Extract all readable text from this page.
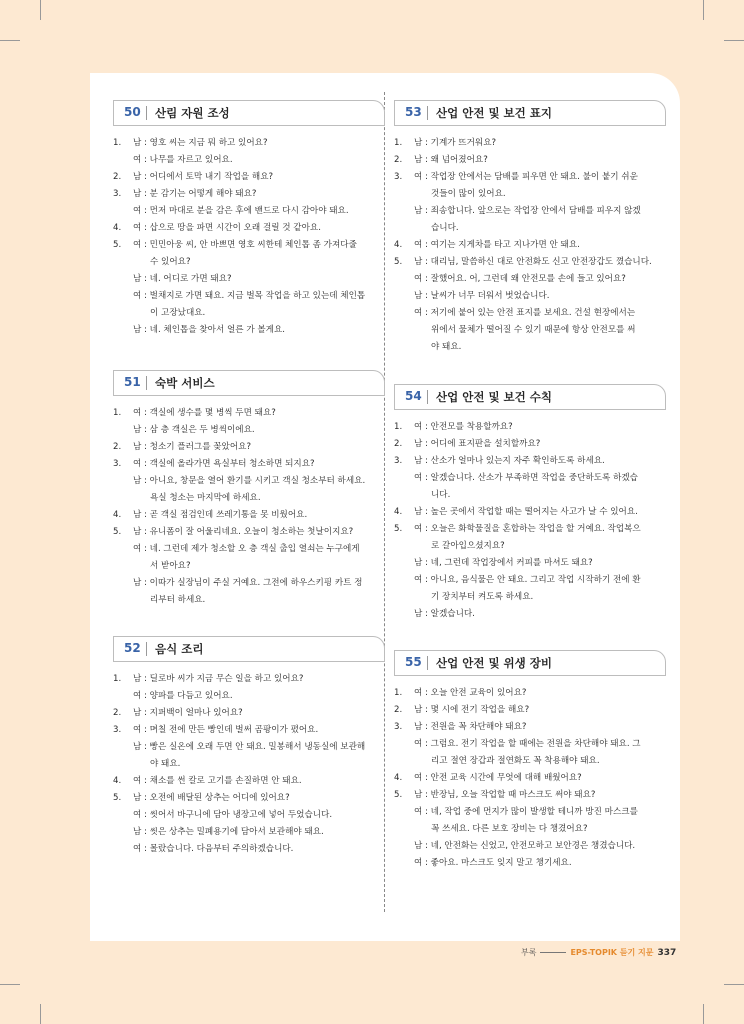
50 산림 자원 조성
1. 남 : 영호 씨는 지금 뭐 하고 있어요?
여 : 나무를 자르고 있어요.
2. 남 : 어디에서 토막 내기 작업을 해요?
3. 남 : 분 감기는 어떻게 해야 돼요?
여 : 먼저 마대로 분을 감은 후에 밴드로 다시 감아야 돼요.
4. 여 : 삽으로 땅을 파면 시간이 오래 걸릴 것 같아요.
5. 여 : 민민아웅 씨, 안 바쁘면 영호 씨한테 체인톱 좀 가져다줄
수 있어요?
남 : 네. 어디로 가면 돼요?
여 : 벌채지로 가면 돼요. 지금 벌목 작업을 하고 있는데 체인톱
이 고장났대요.
남 : 네. 체인톱을 찾아서 얼른 가 볼게요.
51 숙박 서비스
1. 여 : 객실에 생수를 몇 병씩 두면 돼요?
남 : 삼 층 객실은 두 병씩이에요.
2. 남 : 청소기 플러그를 꽂았어요?
3. 여 : 객실에 올라가면 욕실부터 청소하면 되지요?
남 : 아니요, 창문을 열어 환기를 시키고 객실 청소부터 하세요.
욕실 청소는 마지막에 하세요.
4. 남 : 곧 객실 점검인데 쓰레기통을 못 비웠어요.
5. 남 : 유니폼이 잘 어울리네요. 오늘이 청소하는 첫날이지요?
여 : 네. 그런데 제가 청소할 오 층 객실 출입 열쇠는 누구에게
서 받아요?
남 : 이따가 실장님이 주실 거예요. 그전에 하우스키핑 카트 정
리부터 하세요.
52 음식 조리
1. 남 : 딜로바 씨가 지금 무슨 일을 하고 있어요?
여 : 양파를 다듬고 있어요.
2. 남 : 지퍼백이 얼마나 있어요?
3. 여 : 며칠 전에 만든 빵인데 벌써 곰팡이가 폈어요.
남 : 빵은 실온에 오래 두면 안 돼요. 밀봉해서 냉동실에 보관해
야 돼요.
4. 여 : 채소를 썬 칼로 고기를 손질하면 안 돼요.
5. 남 : 오전에 배달된 상추는 어디에 있어요?
여 : 씻어서 바구니에 담아 냉장고에 넣어 두었습니다.
남 : 씻은 상추는 밀폐용기에 담아서 보관해야 돼요.
여 : 몰랐습니다. 다음부터 주의하겠습니다.
53 산업 안전 및 보건 표지
1. 남 : 기계가 뜨거워요?
2. 남 : 왜 넘어졌어요?
3. 여 : 작업장 안에서는 담배를 피우면 안 돼요. 불이 붙기 쉬운
것들이 많이 있어요.
남 : 죄송합니다. 앞으로는 작업장 안에서 담배를 피우지 않겠
습니다.
4. 여 : 여기는 지게차를 타고 지나가면 안 돼요.
5. 남 : 대리님, 말씀하신 대로 안전화도 신고 안전장갑도 꼈습니다.
여 : 잘했어요. 어, 그런데 왜 안전모를 손에 들고 있어요?
남 : 날씨가 너무 더워서 벗었습니다.
여 : 저기에 붙어 있는 안전 표지를 보세요. 건설 현장에서는
위에서 물체가 떨어질 수 있기 때문에 항상 안전모를 써
야 돼요.
54 산업 안전 및 보건 수칙
1. 여 : 안전모를 착용할까요?
2. 남 : 어디에 표지판을 설치할까요?
3. 남 : 산소가 얼마나 있는지 자주 확인하도록 하세요.
여 : 알겠습니다. 산소가 부족하면 작업을 중단하도록 하겠습
니다.
4. 남 : 높은 곳에서 작업할 때는 떨어지는 사고가 날 수 있어요.
5. 여 : 오늘은 화학물질을 혼합하는 작업을 할 거예요. 작업복으
로 갈아입으셨지요?
남 : 네, 그런데 작업장에서 커피를 마셔도 돼요?
여 : 아니요, 음식물은 안 돼요. 그리고 작업 시작하기 전에 환
기 장치부터 켜도록 하세요.
남 : 알겠습니다.
55 산업 안전 및 위생 장비
1. 여 : 오늘 안전 교육이 있어요?
2. 남 : 몇 시에 전기 작업을 해요?
3. 남 : 전원을 꼭 차단해야 돼요?
여 : 그럼요. 전기 작업을 할 때에는 전원을 차단해야 돼요. 그
리고 절연 장갑과 절연화도 꼭 착용해야 돼요.
4. 여 : 안전 교육 시간에 무엇에 대해 배웠어요?
5. 남 : 반장님, 오늘 작업할 때 마스크도 써야 돼요?
여 : 네, 작업 중에 먼지가 많이 발생할 테니까 방진 마스크를
꼭 쓰세요. 다른 보호 장비는 다 챙겼어요?
남 : 네, 안전화는 신었고, 안전모하고 보안경은 챙겼습니다.
여 : 좋아요. 마스크도 잊지 말고 챙기세요.
부록	EPS-TOPIK 듣기 지문 337
